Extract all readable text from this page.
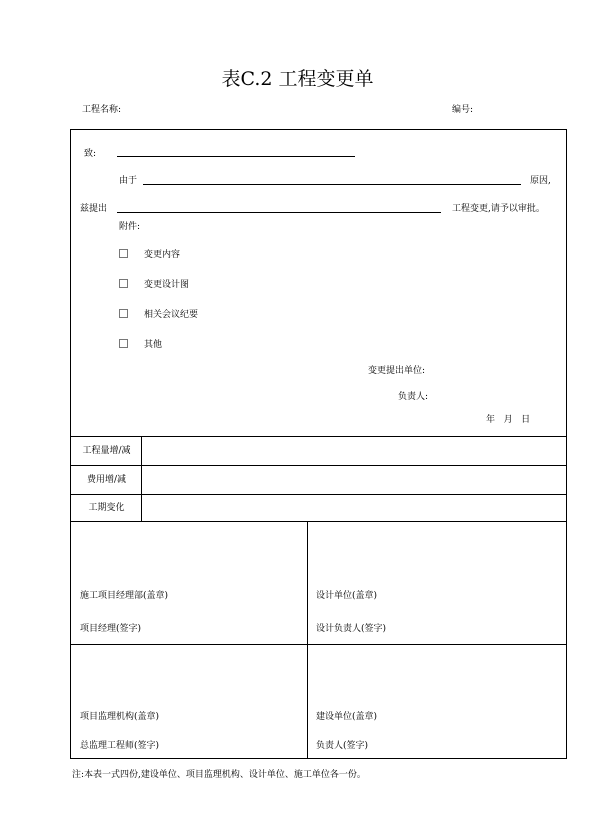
表C.2 工程变更单
工程名称:	编号:
致:
由于	原因,
兹提出	工程变更,请予以审批。
附件:
变更内容
变更设计图
相关会议纪要
其他
变更提出单位:
负责人:
年   月   日
工程量增/减
费用增/减
工期变化
施工项目经理部(盖章)
项目经理(签字)
设计单位(盖章)
设计负责人(签字)
项目监理机构(盖章)
总监理工程师(签字)
建设单位(盖章)
负责人(签字)
注:本表一式四份,建设单位、项目监理机构、设计单位、施工单位各一份。
